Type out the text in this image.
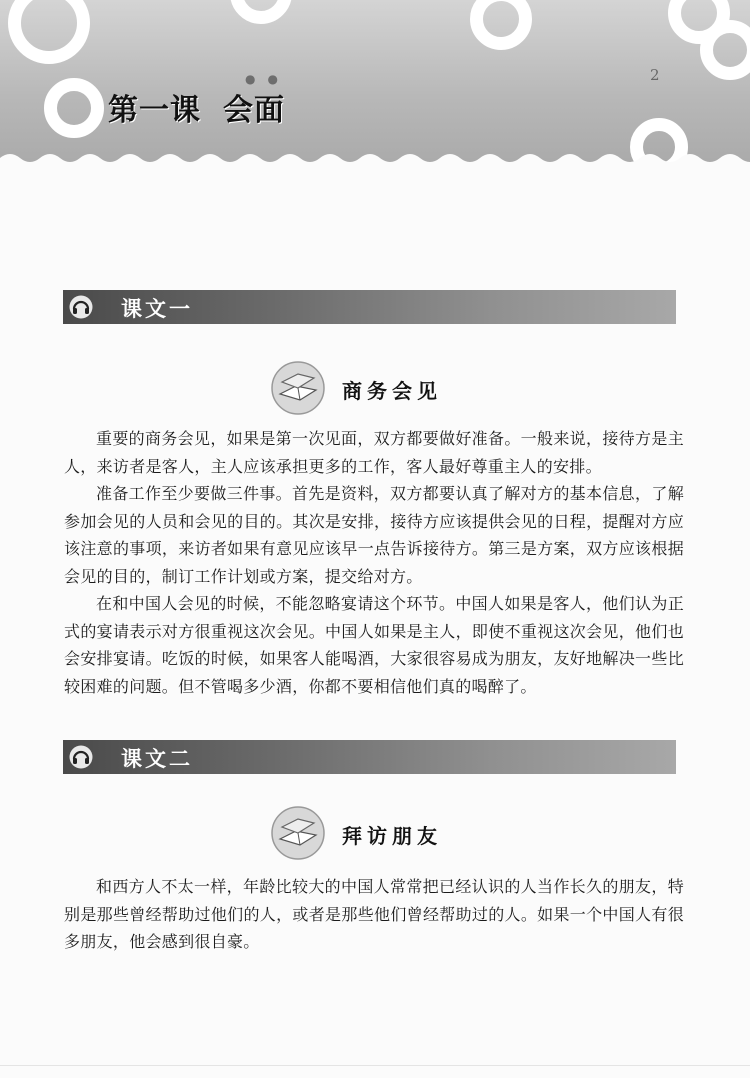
●　●	2
第一课 会面
课文一
商务会见

重要的商务会见，如果是第一次见面，双方都要做好准备。一般来说，接待方是主人，来访者是客人，主人应该承担更多的工作，客人最好尊重主人的安排。

准备工作至少要做三件事。首先是资料，双方都要认真了解对方的基本信息，了解参加会见的人员和会见的目的。其次是安排，接待方应该提供会见的日程，提醒对方应该注意的事项，来访者如果有意见应该早一点告诉接待方。第三是方案，双方应该根据会见的目的，制订工作计划或方案，提交给对方。

在和中国人会见的时候，不能忽略宴请这个环节。中国人如果是客人，他们认为正式的宴请表示对方很重视这次会见。中国人如果是主人，即使不重视这次会见，他们也会安排宴请。吃饭的时候，如果客人能喝酒，大家很容易成为朋友，友好地解决一些比较困难的问题。但不管喝多少酒，你都不要相信他们真的喝醉了。

课文二
拜访朋友

和西方人不太一样，年龄比较大的中国人常常把已经认识的人当作长久的朋友，特别是那些曾经帮助过他们的人，或者是那些他们曾经帮助过的人。如果一个中国人有很多朋友，他会感到很自豪。
